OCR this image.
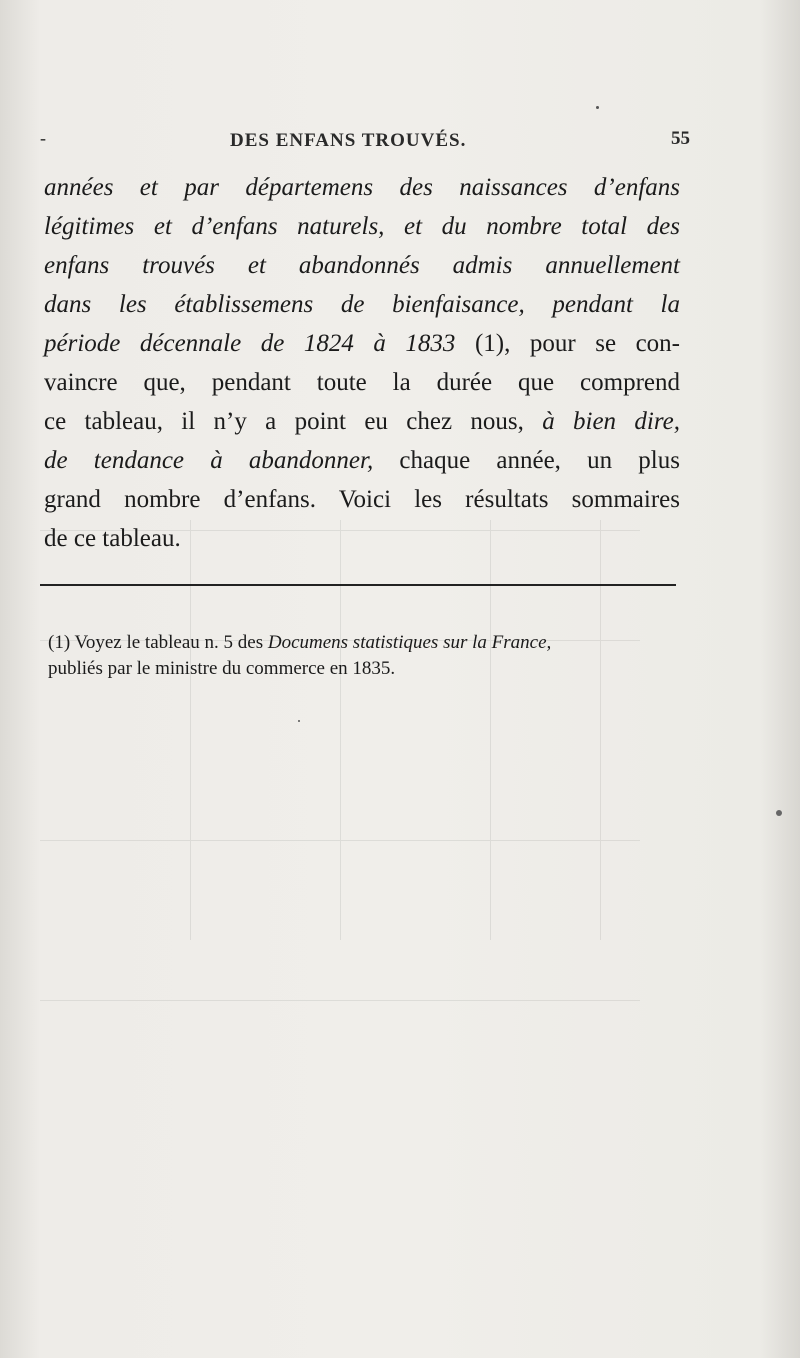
-	DES ENFANS TROUVÉS.	55
années et par départemens des naissances d’enfans
légitimes et d’enfans naturels, et du nombre total des
enfans trouvés et abandonnés admis annuellement
dans les établissemens de bienfaisance, pendant la
période décennale de 1824 à 1833 (1), pour se con-
vaincre que, pendant toute la durée que comprend
ce tableau, il n’y a point eu chez nous, à bien dire,
de tendance à abandonner, chaque année, un plus
grand nombre d’enfans. Voici les résultats sommaires
de ce tableau.
(1) Voyez le tableau n. 5 des Documens statistiques sur la France,
publiés par le ministre du commerce en 1835.
